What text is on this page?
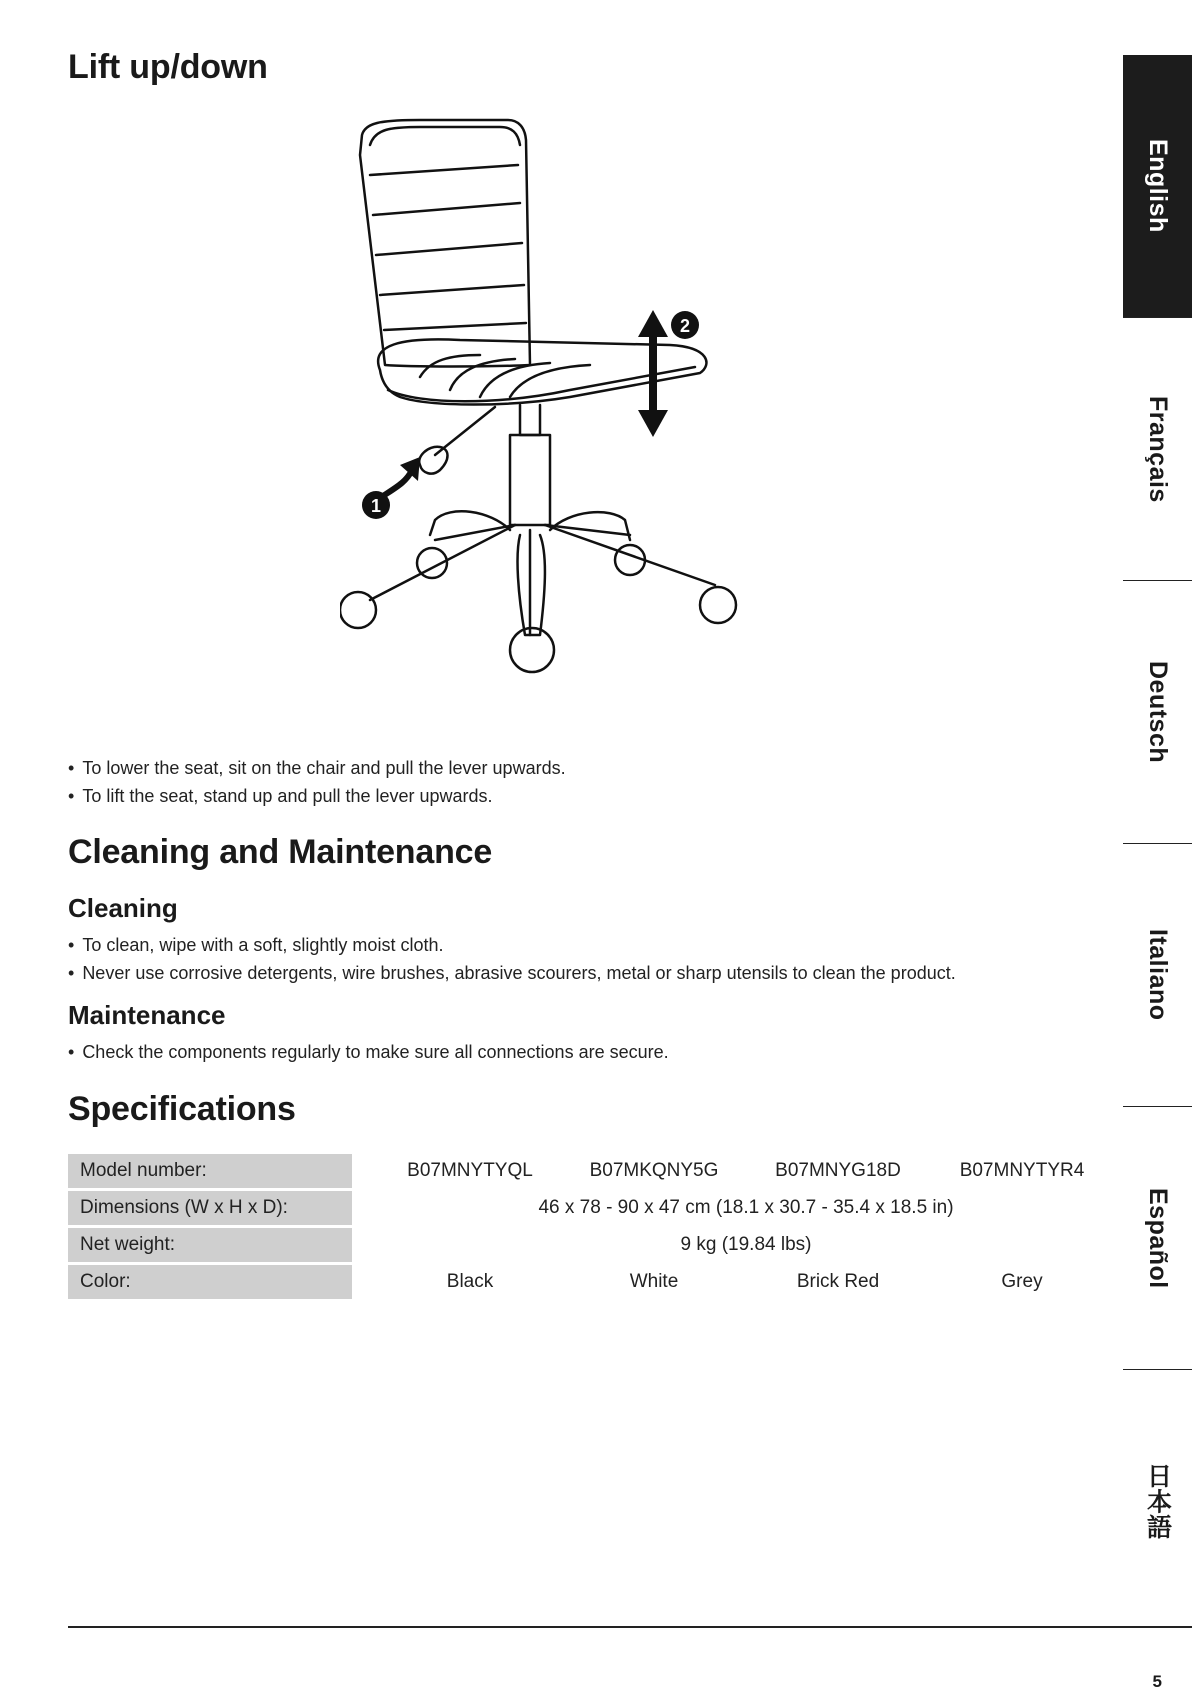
Lift up/down
1
2
• To lower the seat, sit on the chair and pull the lever upwards.
• To lift the seat, stand up and pull the lever upwards.
Cleaning and Maintenance
Cleaning
• To clean, wipe with a soft, slightly moist cloth.
• Never use corrosive detergents, wire brushes, abrasive scourers, metal or sharp utensils to clean the product.
Maintenance
• Check the components regularly to make sure all connections are secure.
Specifications
Model number:		B07MNYTYQL	B07MKQNY5G	B07MNYG18D	B07MNYTYR4
Dimensions (W x H x D):		46 x 78 - 90 x 47 cm (18.1 x 30.7 - 35.4 x 18.5 in)			
Net weight:		9 kg (19.84 lbs)			
Color:		Black	White	Brick Red	Grey
English
Français
Deutsch
Italiano
Español
日本語
5
